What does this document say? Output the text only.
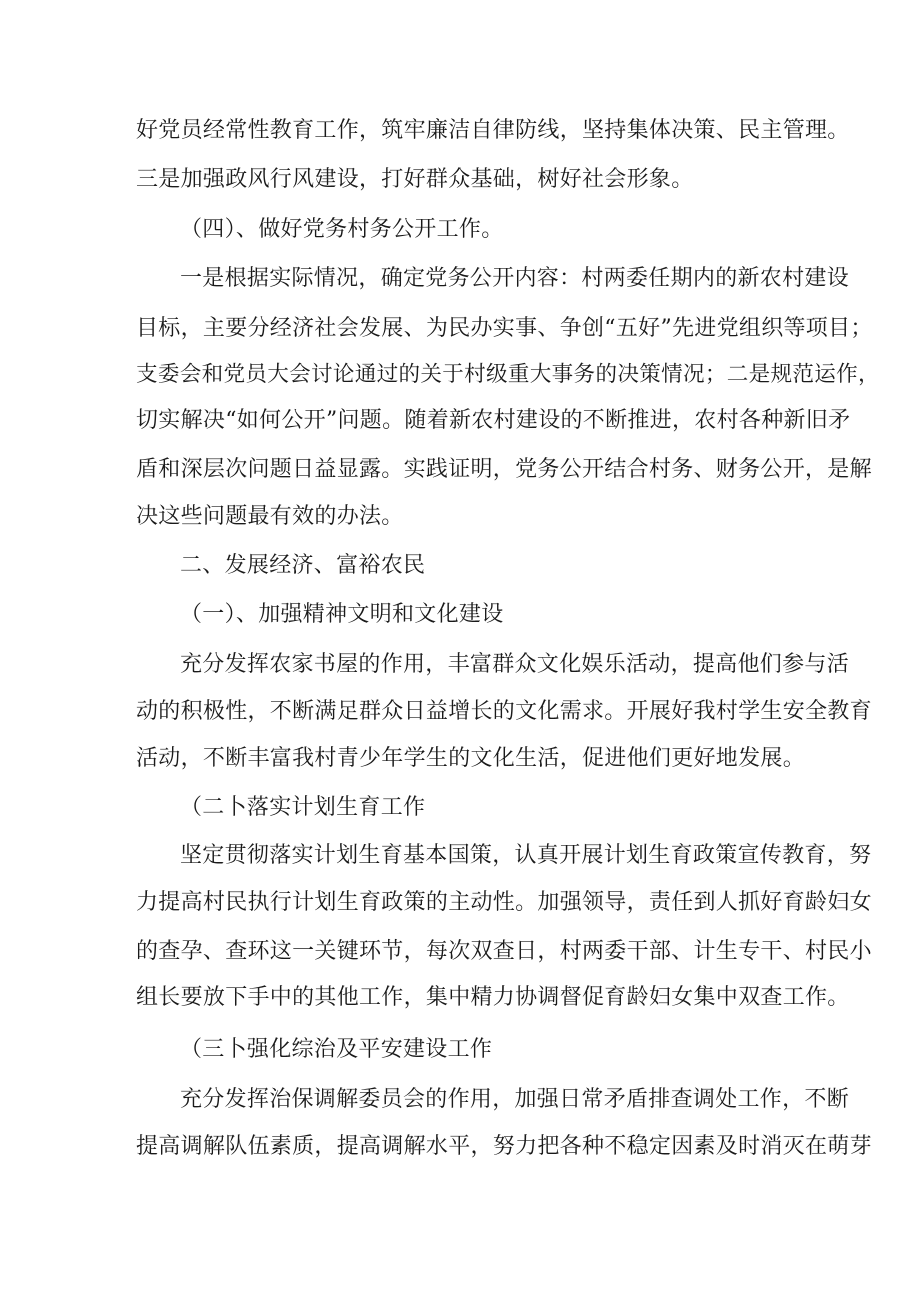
好党员经常性教育工作，筑牢廉洁自律防线，坚持集体决策、民主管理。
三是加强政风行风建设，打好群众基础，树好社会形象。
（四）、做好党务村务公开工作。
一是根据实际情况，确定党务公开内容：村两委任期内的新农村建设
目标，主要分经济社会发展、为民办实事、争创“五好”先进党组织等项目；
支委会和党员大会讨论通过的关于村级重大事务的决策情况；二是规范运作，
切实解决“如何公开”问题。随着新农村建设的不断推进，农村各种新旧矛
盾和深层次问题日益显露。实践证明，党务公开结合村务、财务公开，是解
决这些问题最有效的办法。
二、发展经济、富裕农民
（一）、加强精神文明和文化建设
充分发挥农家书屋的作用，丰富群众文化娱乐活动，提高他们参与活
动的积极性，不断满足群众日益增长的文化需求。开展好我村学生安全教育
活动，不断丰富我村青少年学生的文化生活，促进他们更好地发展。
（二卜落实计划生育工作
坚定贯彻落实计划生育基本国策，认真开展计划生育政策宣传教育，努
力提高村民执行计划生育政策的主动性。加强领导，责任到人抓好育龄妇女
的查孕、查环这一关键环节，每次双查日，村两委干部、计生专干、村民小
组长要放下手中的其他工作，集中精力协调督促育龄妇女集中双查工作。
（三卜强化综治及平安建设工作
充分发挥治保调解委员会的作用，加强日常矛盾排查调处工作，不断
提高调解队伍素质，提高调解水平，努力把各种不稳定因素及时消灭在萌芽
